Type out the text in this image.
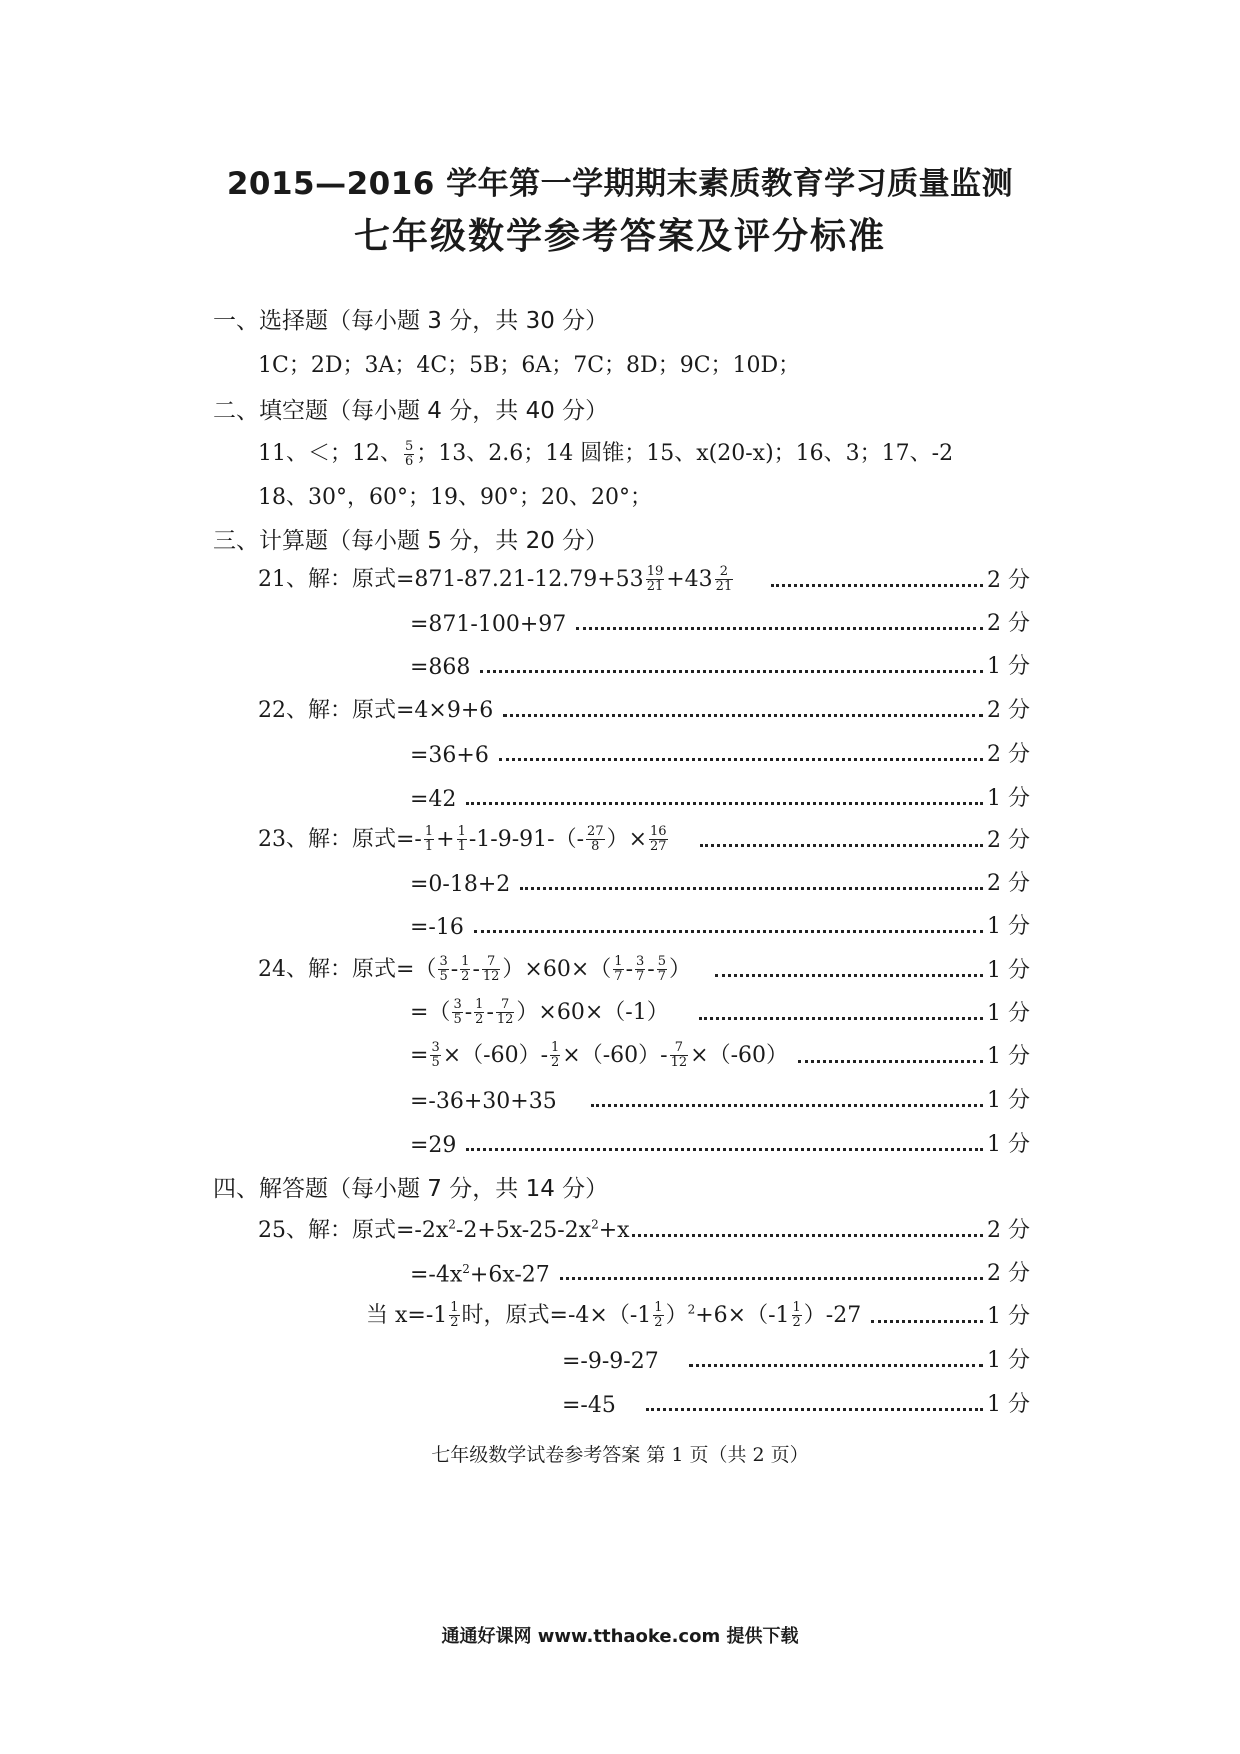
2015—2016 学年第一学期期末素质教育学习质量监测
七年级数学参考答案及评分标准
一、选择题（每小题 3 分，共 30 分）
1C；2D；3A；4C；5B；6A；7C；8D；9C；10D；
二、填空题（每小题 4 分，共 40 分）
11、＜；12、 $\frac{5}{6}$ ；13、2.6；14 圆锥；15、x(20-x)；16、3；17、-2
18、30°，60°；19、90°；20、20°；
三、计算题（每小题 5 分，共 20 分）
21、解：原式$=871-87.21-12.79+53 \frac{19}{21} +43 \frac{2}{21}$	2 分
=871-100+97	2 分
=868	1 分
22、解：原式=4×9+6	2 分
=36+6	2 分
=42	1 分
23、解：原式=- $\frac{1}{1} + \frac{1}{1} -1-9-91-(- \frac{27}{8}$ ）× $\frac{16}{27}$	2 分
=0-18+2	2 分
=-16	1 分
24、解：原式=（ $\frac{3}{5} - \frac{1}{2} - \frac{7}{12} )\times 60\times( \frac{1}{7} - \frac{3}{7} - \frac{5}{7}$ ）	1 分
=（ $\frac{3}{5} - \frac{1}{2} - \frac{7}{12} )\times 60\times(-1)$	1 分
= $\frac{3}{5} \times(-60)- \frac{1}{2} \times(-60)- \frac{7}{12} \times(-60)$	1 分
=-36+30+35	1 分
=29	1 分
四、解答题（每小题 7 分，共 14 分）
25、解：原式$=-2x^2-2+5x-25-2x^2+x$	2 分
$=-4x^2+6x-27$	2 分
当 $x=-1 \frac{1}{2}$ 时，原式$=-4\times(-1 \frac{1}{2} )^2+6\times(-1 \frac{1}{2} )-27$	1 分
=-9-9-27	1 分
=-45	1 分
七年级数学试卷参考答案 第 1 页（共 2 页）
通通好课网 www.tthaoke.com 提供下载
